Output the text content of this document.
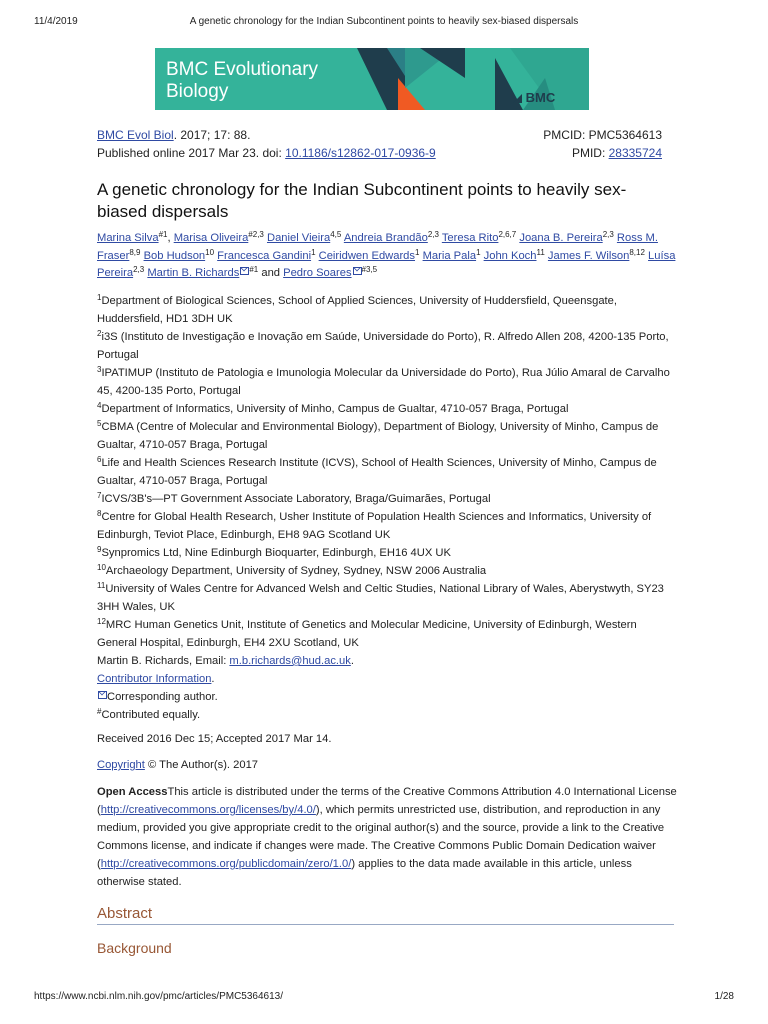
11/4/2019	A genetic chronology for the Indian Subcontinent points to heavily sex-biased dispersals
BMC Evolutionary
Biology	BMC
BMC Evol Biol. 2017; 17: 88.	PMCID: PMC5364613
Published online 2017 Mar 23. doi: 10.1186/s12862-017-0936-9	PMID: 28335724
A genetic chronology for the Indian Subcontinent points to heavily sex-biased dispersals
Marina Silva$^{\#1}$, Marisa Oliveira$^{\#2,3}$ Daniel Vieira$^{4,5}$ Andreia Brandão$^{2,3}$ Teresa Rito$^{2,6,7}$ Joana B. Pereira$^{2,3}$ Ross M. Fraser$^{8,9}$ Bob Hudson$^{10}$ Francesca Gandini$^1$ Ceiridwen Edwards$^1$ Maria Pala$^1$ John Koch$^{11}$ James F. Wilson$^{8,12}$ Luísa Pereira$^{2,3}$ Martin B. Richards $^{\#1}$ and Pedro Soares $^{\#3,5}$

$^1$Department of Biological Sciences, School of Applied Sciences, University of Huddersfield, Queensgate, Huddersfield, HD1 3DH UK

$^2$i3S (Instituto de Investigação e Inovação em Saúde, Universidade do Porto), R. Alfredo Allen 208, 4200-135 Porto, Portugal

$^3$IPATIMUP (Instituto de Patologia e Imunologia Molecular da Universidade do Porto), Rua Júlio Amaral de Carvalho 45, 4200-135 Porto, Portugal

$^4$Department of Informatics, University of Minho, Campus de Gualtar, 4710-057 Braga, Portugal

$^5$CBMA (Centre of Molecular and Environmental Biology), Department of Biology, University of Minho, Campus de Gualtar, 4710-057 Braga, Portugal

$^6$Life and Health Sciences Research Institute (ICVS), School of Health Sciences, University of Minho, Campus de Gualtar, 4710-057 Braga, Portugal

$^7$ICVS/3B's—PT Government Associate Laboratory, Braga/Guimarães, Portugal

$^8$Centre for Global Health Research, Usher Institute of Population Health Sciences and Informatics, University of Edinburgh, Teviot Place, Edinburgh, EH8 9AG Scotland UK

$^9$Synpromics Ltd, Nine Edinburgh Bioquarter, Edinburgh, EH16 4UX UK

$^{10}$Archaeology Department, University of Sydney, Sydney, NSW 2006 Australia

$^{11}$University of Wales Centre for Advanced Welsh and Celtic Studies, National Library of Wales, Aberystwyth, SY23 3HH Wales, UK

$^{12}$MRC Human Genetics Unit, Institute of Genetics and Molecular Medicine, University of Edinburgh, Western General Hospital, Edinburgh, EH4 2XU Scotland, UK

Martin B. Richards, Email: m.b.richards@hud.ac.uk.

Contributor Information.

Corresponding author.

#Contributed equally.

Received 2016 Dec 15; Accepted 2017 Mar 14.
Copyright © The Author(s). 2017

Open AccessThis article is distributed under the terms of the Creative Commons Attribution 4.0 International License (http://creativecommons.org/licenses/by/4.0/), which permits unrestricted use, distribution, and reproduction in any medium, provided you give appropriate credit to the original author(s) and the source, provide a link to the Creative Commons license, and indicate if changes were made. The Creative Commons Public Domain Dedication waiver (http://creativecommons.org/publicdomain/zero/1.0/) applies to the data made available in this article, unless otherwise stated.

Abstract
Background
https://www.ncbi.nlm.nih.gov/pmc/articles/PMC5364613/	1/28
